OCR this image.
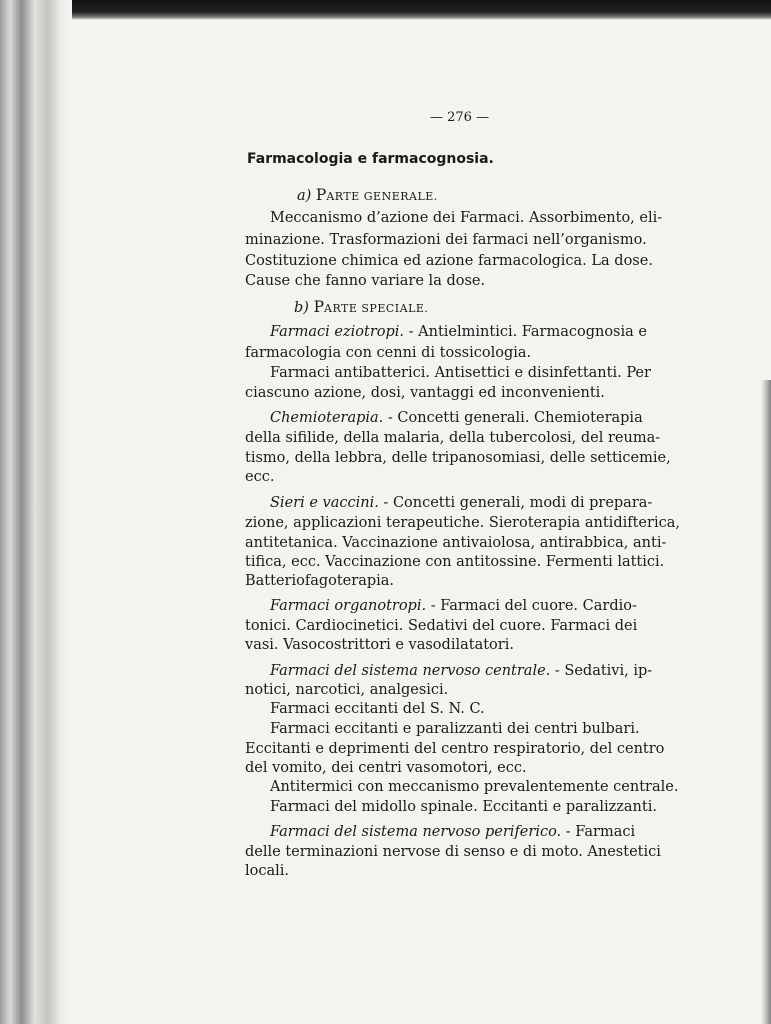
— 276 —
Farmacologia e farmacognosia.
a) PARTE GENERALE.
Meccanismo d’azione dei Farmaci. Assorbimento, eli-
minazione. Trasformazioni dei farmaci nell’organismo.
Costituzione chimica ed azione farmacologica. La dose.
Cause che fanno variare la dose.
b) PARTE SPECIALE.
Farmaci eziotropi. - Antielmintici. Farmacognosia e
farmacologia con cenni di tossicologia.
Farmaci antibatterici. Antisettici e disinfettanti. Per
ciascuno azione, dosi, vantaggi ed inconvenienti.
Chemioterapia. - Concetti generali. Chemioterapia
della sifilide, della malaria, della tubercolosi, del reuma-
tismo, della lebbra, delle tripanosomiasi, delle setticemie,
ecc.
Sieri e vaccini. - Concetti generali, modi di prepara-
zione, applicazioni terapeutiche. Sieroterapia antidifterica,
antitetanica. Vaccinazione antivaiolosa, antirabbica, anti-
tifica, ecc. Vaccinazione con antitossine. Fermenti lattici.
Batteriofagoterapia.
Farmaci organotropi. - Farmaci del cuore. Cardio-
tonici. Cardiocinetici. Sedativi del cuore. Farmaci dei
vasi. Vasocostrittori e vasodilatatori.
Farmaci del sistema nervoso centrale. - Sedativi, ip-
notici, narcotici, analgesici.
Farmaci eccitanti del S. N. C.
Farmaci eccitanti e paralizzanti dei centri bulbari.
Eccitanti e deprimenti del centro respiratorio, del centro
del vomito, dei centri vasomotori, ecc.
Antitermici con meccanismo prevalentemente centrale.
Farmaci del midollo spinale. Eccitanti e paralizzanti.
Farmaci del sistema nervoso periferico. - Farmaci
delle terminazioni nervose di senso e di moto. Anestetici
locali.
